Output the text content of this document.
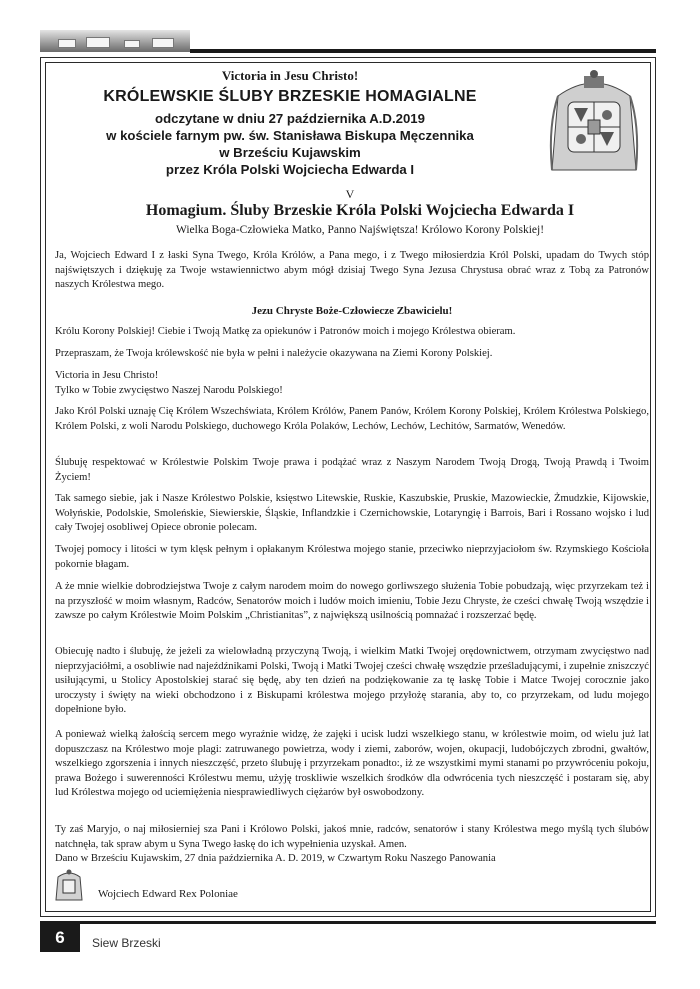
Victoria in Jesu Christo!
KRÓLEWSKIE ŚLUBY BRZESKIE HOMAGIALNE
odczytane w dniu 27 października A.D.2019
w kościele farnym pw. św. Stanisława Biskupa Męczennika
w Brześciu Kujawskim
przez Króla Polski Wojciecha Edwarda I
V
Homagium. Śluby Brzeskie Króla Polski Wojciecha Edwarda I
Wielka Boga-Człowieka Matko, Panno Najświętsza! Królowo Korony Polskiej!

Ja, Wojciech Edward I z łaski Syna Twego, Króla Królów, a Pana mego, i z Twego miłosierdzia Król Polski, upadam do Twych stóp najświętszych i dziękuję za Twoje wstawiennictwo abym mógł dzisiaj Twego Syna Jezusa Chrystusa obrać wraz z Tobą za Patronów naszych Królestwa mego.

Jezu Chryste Boże-Człowiecze Zbawicielu!

Królu Korony Polskiej! Ciebie i Twoją Matkę za opiekunów i Patronów moich i mojego Królestwa obieram.

Przepraszam, że Twoja królewskość nie była w pełni i należycie okazywana na Ziemi Korony Polskiej.

Victoria in Jesu Christo!

Tylko w Tobie zwycięstwo Naszej Narodu Polskiego!

Jako Król Polski uznaję Cię Królem Wszechświata, Królem Królów, Panem Panów, Królem Korony Polskiej, Królem Królestwa Polskiego, Królem Polski, z woli Narodu Polskiego, duchowego Króla Polaków, Lechów, Lechów, Lechitów, Sarmatów, Wenedów.

Ślubuję respektować w Królestwie Polskim Twoje prawa i podążać wraz z Naszym Narodem Twoją Drogą, Twoją Prawdą i Twoim Życiem!

Tak samego siebie, jak i Nasze Królestwo Polskie, księstwo Litewskie, Ruskie, Kaszubskie, Pruskie, Mazowieckie, Żmudzkie, Kijowskie, Wołyńskie, Podolskie, Smoleńskie, Siewierskie, Śląskie, Inflandzkie i Czernichowskie, Lotaryngię i Barrois, Bari i Rossano wojsko i lud cały Twojej osobliwej Opiece obronie polecam.

Twojej pomocy i litości w tym klęsk pełnym i opłakanym Królestwa mojego stanie, przeciwko nieprzyjaciołom św. Rzymskiego Kościoła pokornie błagam.

A że mnie wielkie dobrodziejstwa Twoje z całym narodem moim do nowego gorliwszego służenia Tobie pobudzają, więc przyrzekam też i na przyszłość w moim własnym, Radców, Senatorów moich i ludów moich imieniu, Tobie Jezu Chryste, że cześci chwałę Twoją wszędzie i zawsze po całym Królestwie Moim Polskim „Christianitas”, z największą usilnością pomnażać i rozszerzać będę.

Obiecuję nadto i ślubuję, że jeżeli za wielowładną przyczyną Twoją, i wielkim Matki Twojej orędownictwem, otrzymam zwycięstwo nad nieprzyjaciółmi, a osobliwie nad najeźdźnikami Polski, Twoją i Matki Twojej cześci chwałę wszędzie prześladującymi, i zupełnie zniszczyć usiłującymi, u Stolicy Apostolskiej starać się będę, aby ten dzień na podziękowanie za tę łaskę Tobie i Matce Twojej corocznie jako uroczysty i święty na wieki obchodzono i z Biskupami królestwa mojego przyłożę starania, aby to, co przyrzekam, od ludu mojego dopełnione było.

A ponieważ wielką żałością sercem mego wyraźnie widzę, że zajęki i ucisk ludzi wszelkiego stanu, w królestwie moim, od wielu już lat dopuszczasz na Królestwo moje plagi: zatruwanego powietrza, wody i ziemi, zaborów, wojen, okupacji, ludobójczych zbrodni, gwałtów, wszelkiego zgorszenia i innych nieszczęść, przeto ślubuję i przyrzekam ponadto:, iż ze wszystkimi mymi stanami po przywróceniu pokoju, prawa Bożego i suwerenności Królestwu memu, użyję troskliwie wszelkich środków dla odwrócenia tych nieszczęść i postaram się, aby lud Królestwa mojego od uciemiężenia niesprawiedliwych ciężarów był oswobodzony.

Ty zaś Maryjo, o naj miłosierniej sza Pani i Królowo Polski, jakoś mnie, radców, senatorów i stany Królestwa mego myślą tych ślubów natchnęła, tak spraw abym u Syna Twego łaskę do ich wypełnienia uzyskał. Amen.

Dano w Brześciu Kujawskim, 27 dnia października A. D. 2019, w Czwartym Roku Naszego Panowania

Wojciech Edward Rex Poloniae
6	Siew Brzeski
